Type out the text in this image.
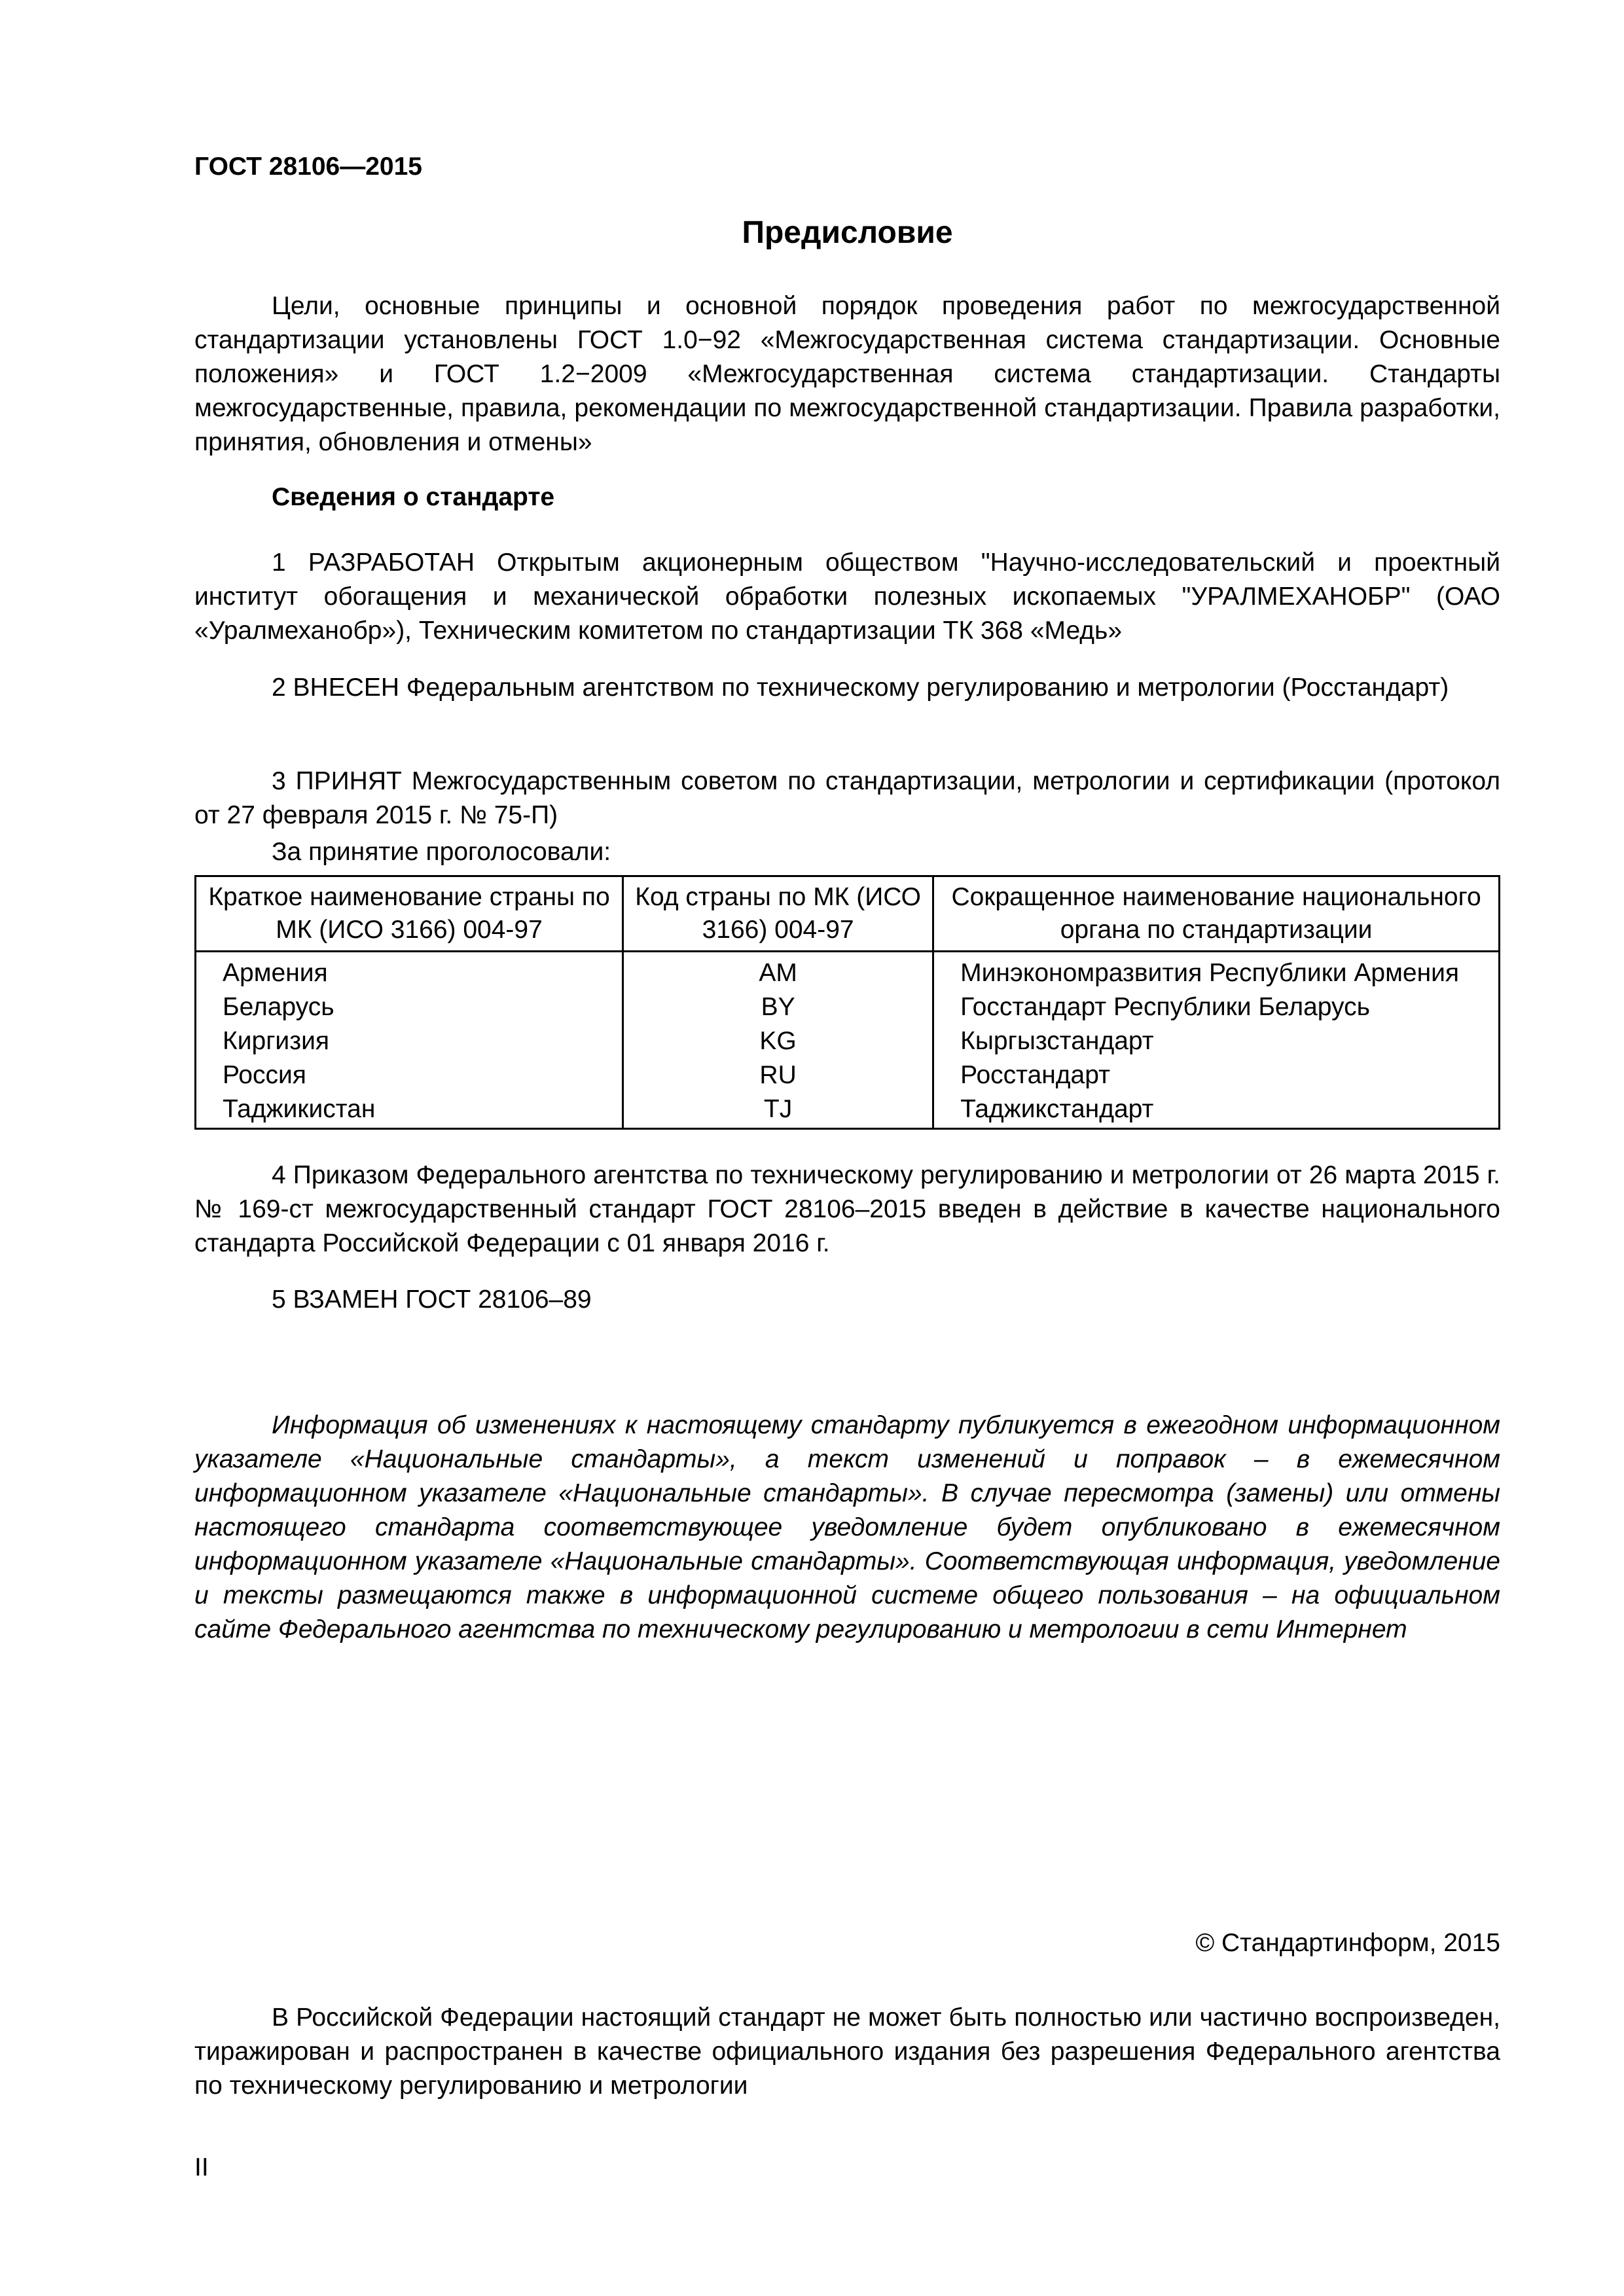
ГОСТ 28106—2015
Предисловие
Цели, основные принципы и основной порядок проведения работ по межгосударственной стандартизации установлены ГОСТ 1.0−92 «Межгосударственная система стандартизации. Основные положения» и ГОСТ 1.2−2009 «Межгосударственная система стандартизации. Стандарты межгосударственные, правила, рекомендации по межгосударственной стандартизации. Правила разработки, принятия, обновления и отмены»
Сведения о стандарте
1 РАЗРАБОТАН Открытым акционерным обществом "Научно-исследовательский и проектный институт обогащения и механической обработки полезных ископаемых "УРАЛМЕХАНОБР" (ОАО «Уралмеханобр»), Техническим комитетом по стандартизации ТК 368 «Медь»
2 ВНЕСЕН Федеральным агентством по техническому регулированию и метрологии (Росстандарт)
3 ПРИНЯТ Межгосударственным советом по стандартизации, метрологии и сертификации (протокол от 27 февраля 2015 г. № 75-П)
За принятие проголосовали:
Краткое наименование страны по МК (ИСО 3166) 004-97	Код страны по МК (ИСО 3166) 004-97	Сокращенное наименование национального органа по стандартизации
Армения	AM	Минэкономразвития Республики Армения
Беларусь	BY	Госстандарт Республики Беларусь
Киргизия	KG	Кыргызстандарт
Россия	RU	Росстандарт
Таджикистан	TJ	Таджикстандарт
4 Приказом Федерального агентства по техническому регулированию и метрологии от 26 марта 2015 г. № 169-ст межгосударственный стандарт ГОСТ 28106–2015 введен в действие в качестве национального стандарта Российской Федерации с 01 января 2016 г.
5 ВЗАМЕН ГОСТ 28106–89
Информация об изменениях к настоящему стандарту публикуется в ежегодном информационном указателе «Национальные стандарты», а текст изменений и поправок – в ежемесячном информационном указателе «Национальные стандарты». В случае пересмотра (замены) или отмены настоящего стандарта соответствующее уведомление будет опубликовано в ежемесячном информационном указателе «Национальные стандарты». Соответствующая информация, уведомление и тексты размещаются также в информационной системе общего пользования – на официальном сайте Федерального агентства по техническому регулированию и метрологии в сети Интернет
© Стандартинформ, 2015
В Российской Федерации настоящий стандарт не может быть полностью или частично воспроизведен, тиражирован и распространен в качестве официального издания без разрешения Федерального агентства по техническому регулированию и метрологии
II
